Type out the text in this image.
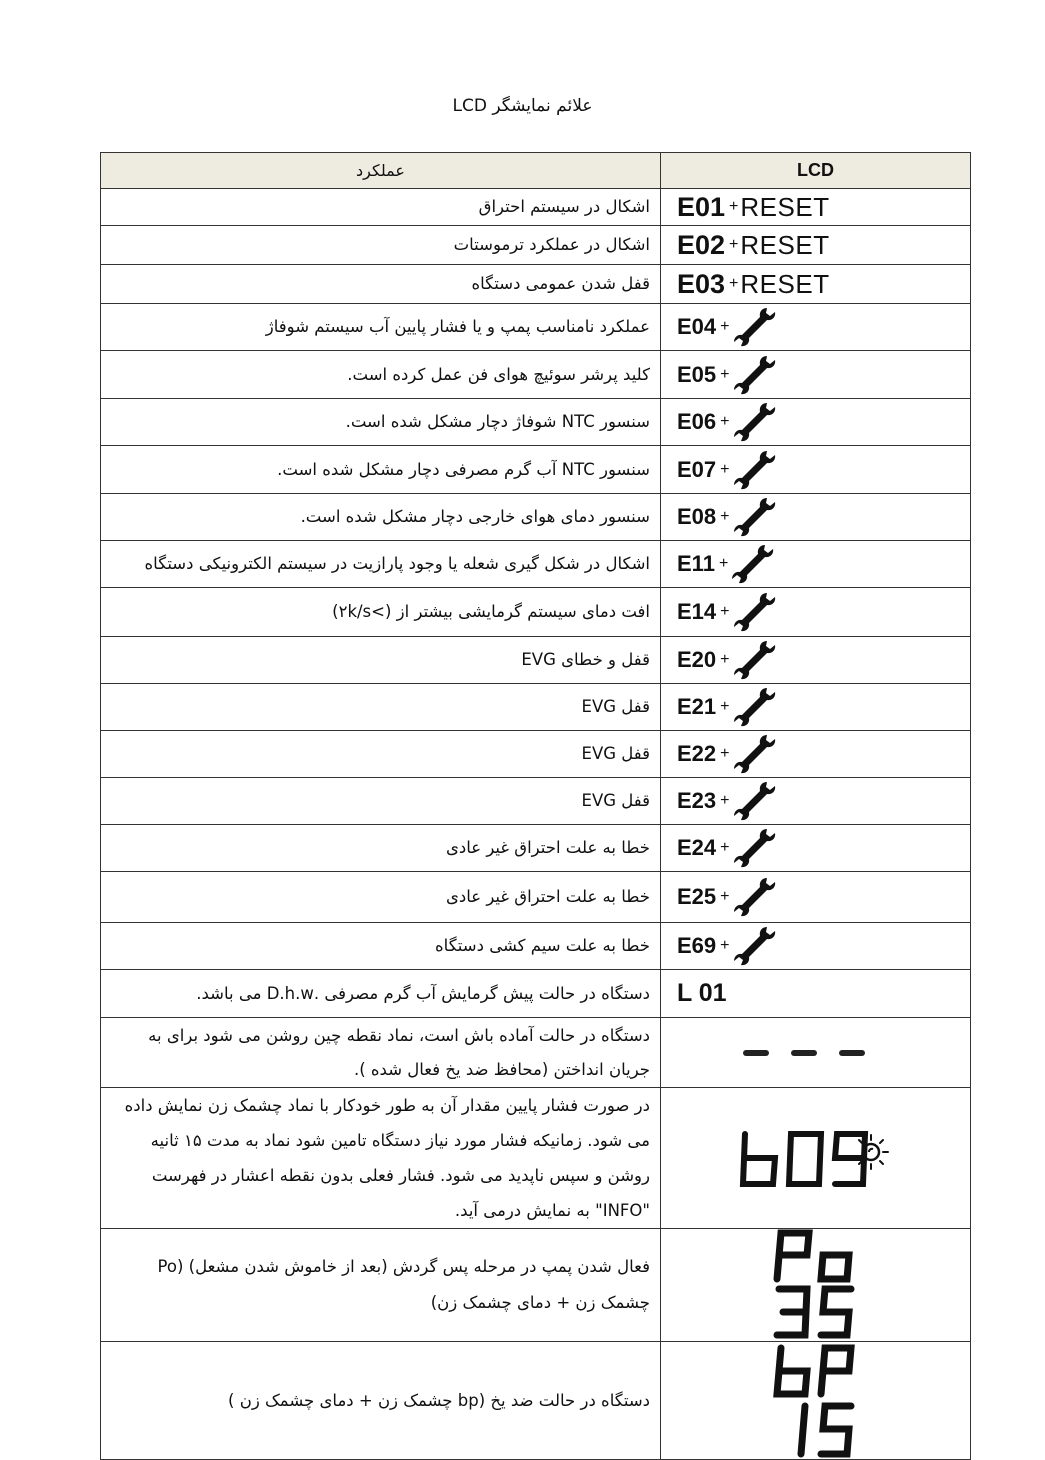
علائم نمایشگر LCD
عملکرد	LCD
اشکال در سیستم احتراق	E01 +RESET
اشکال در عملکرد ترموستات	E02 +RESET
قفل شدن عمومی دستگاه	E03 +RESET
عملکرد نامناسب پمپ و یا فشار پایین آب سیستم شوفاژ	E04 +

کلید پرشر سوئیچ هوای فن عمل کرده است.	E05 +

سنسور NTC شوفاژ دچار مشکل شده است.	E06 +

سنسور NTC آب گرم مصرفی دچار مشکل شده است.	E07 +

سنسور دمای هوای خارجی دچار مشکل شده است.	E08 +

اشکال در شکل گیری شعله یا وجود پارازیت در سیستم الکترونیکی دستگاه	E11 +

افت دمای سیستم گرمایشی بیشتر از (>۲k/s)	E14 +

قفل و خطای EVG	E20 +

قفل EVG	E21 +

قفل EVG	E22 +

قفل EVG	E23 +

خطا به علت احتراق غیر عادی	E24 +

خطا به علت احتراق غیر عادی	E25 +

خطا به علت سیم کشی دستگاه	E69 +

دستگاه در حالت پیش گرمایش آب گرم مصرفی .D.h.w می باشد.	L 01
دستگاه در حالت آماده باش است، نماد نقطه چین روشن می شود برای به جریان انداختن (محافظ ضد یخ فعال شده ).	

در صورت فشار پایین مقدار آن به طور خودکار با نماد چشمک زن نمایش داده می شود. زمانیکه فشار مورد نیاز دستگاه تامین شود نماد به مدت ۱۵ ثانیه روشن و سپس ناپدید می شود. فشار فعلی بدون نقطه اعشار در فهرست "INFO" به نمایش درمی آید.	

فعال شدن پمپ در مرحله پس گردش (بعد از خاموش شدن مشعل) (Po چشمک زن + دمای چشمک زن)	

دستگاه در حالت ضد یخ (bp چشمک زن + دمای چشمک زن )	
